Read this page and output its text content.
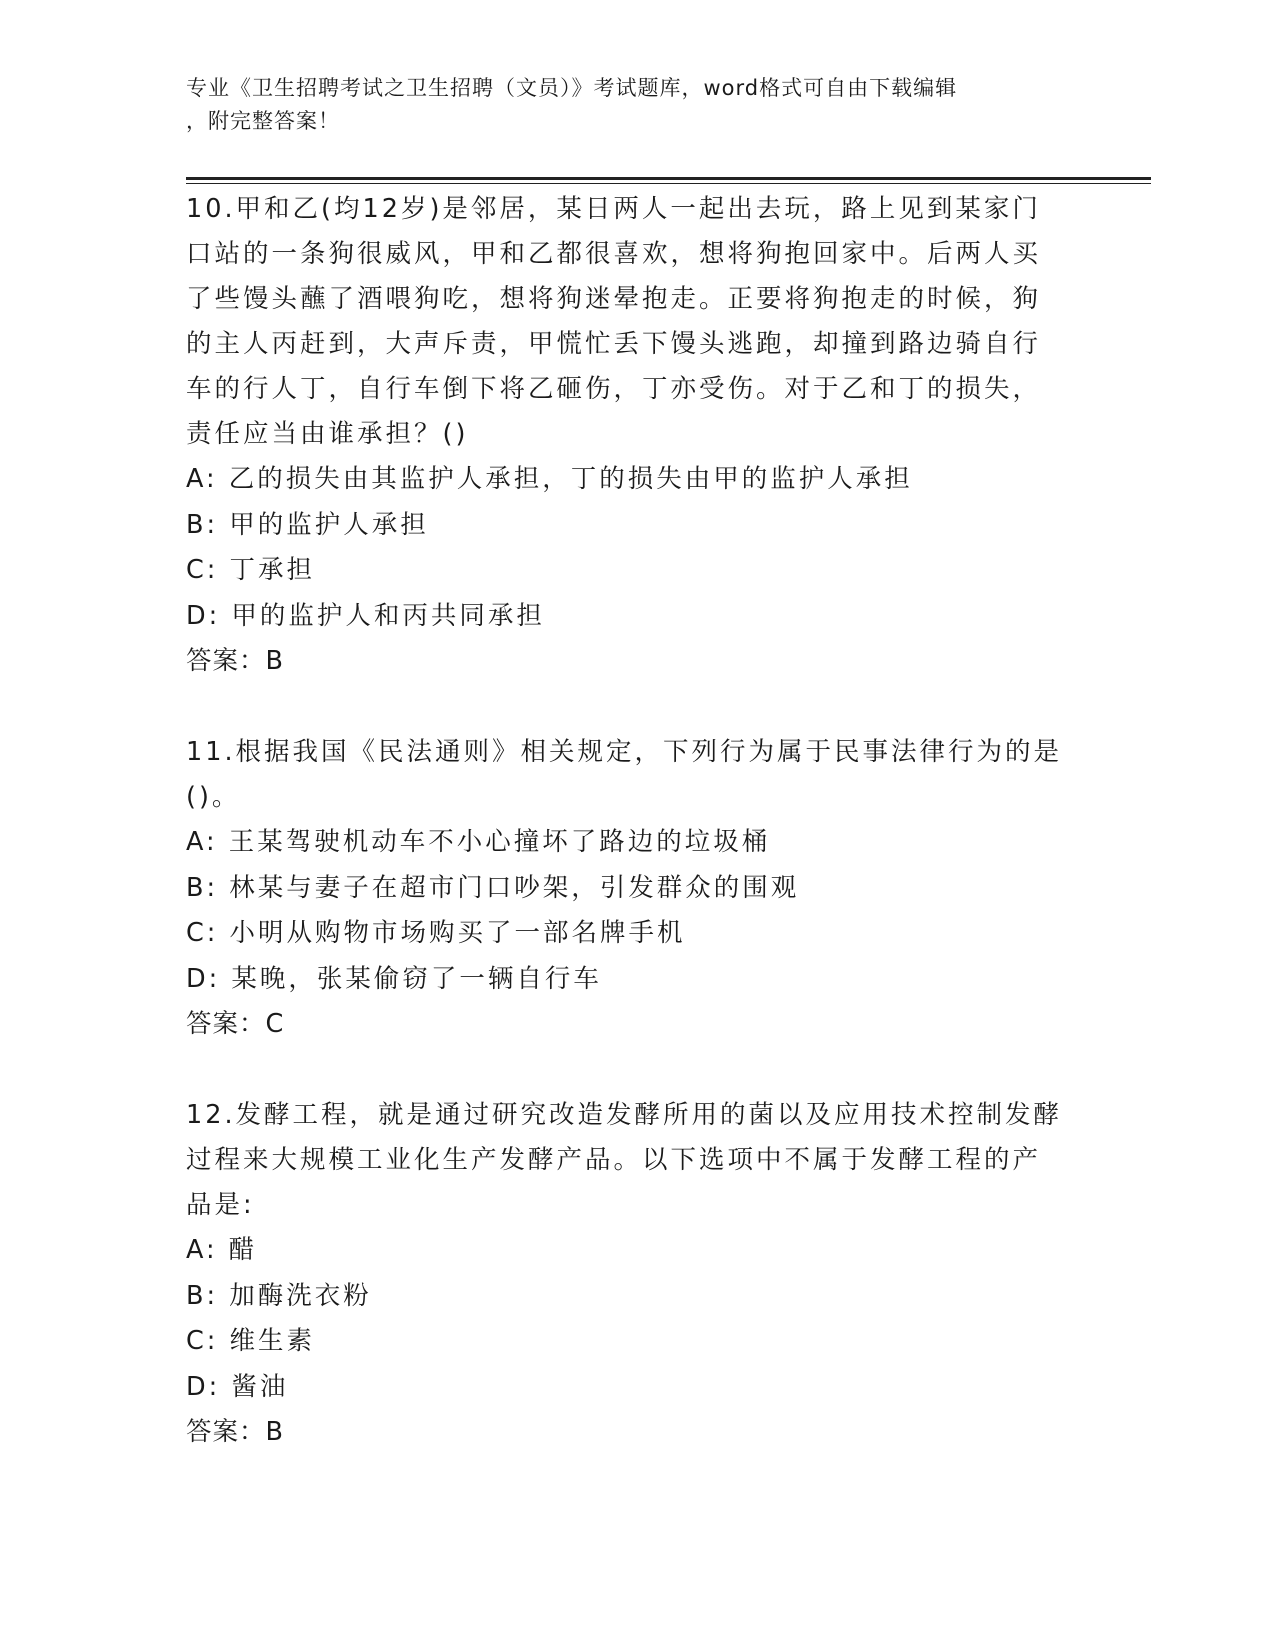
专业《卫生招聘考试之卫生招聘（文员）》考试题库，word格式可自由下载编辑

，附完整答案！

10.甲和乙(均12岁)是邻居，某日两人一起出去玩，路上见到某家门

口站的一条狗很威风，甲和乙都很喜欢，想将狗抱回家中。后两人买

了些馒头蘸了酒喂狗吃，想将狗迷晕抱走。正要将狗抱走的时候，狗

的主人丙赶到，大声斥责，甲慌忙丢下馒头逃跑，却撞到路边骑自行

车的行人丁，自行车倒下将乙砸伤，丁亦受伤。对于乙和丁的损失，

责任应当由谁承担？()

A: 乙的损失由其监护人承担，丁的损失由甲的监护人承担

B: 甲的监护人承担

C: 丁承担

D: 甲的监护人和丙共同承担

答案：B

11.根据我国《民法通则》相关规定，下列行为属于民事法律行为的是

()。

A: 王某驾驶机动车不小心撞坏了路边的垃圾桶

B: 林某与妻子在超市门口吵架，引发群众的围观

C: 小明从购物市场购买了一部名牌手机

D: 某晚，张某偷窃了一辆自行车

答案：C

12.发酵工程，就是通过研究改造发酵所用的菌以及应用技术控制发酵

过程来大规模工业化生产发酵产品。以下选项中不属于发酵工程的产

品是:

A: 醋

B: 加酶洗衣粉

C: 维生素

D: 酱油

答案：B
